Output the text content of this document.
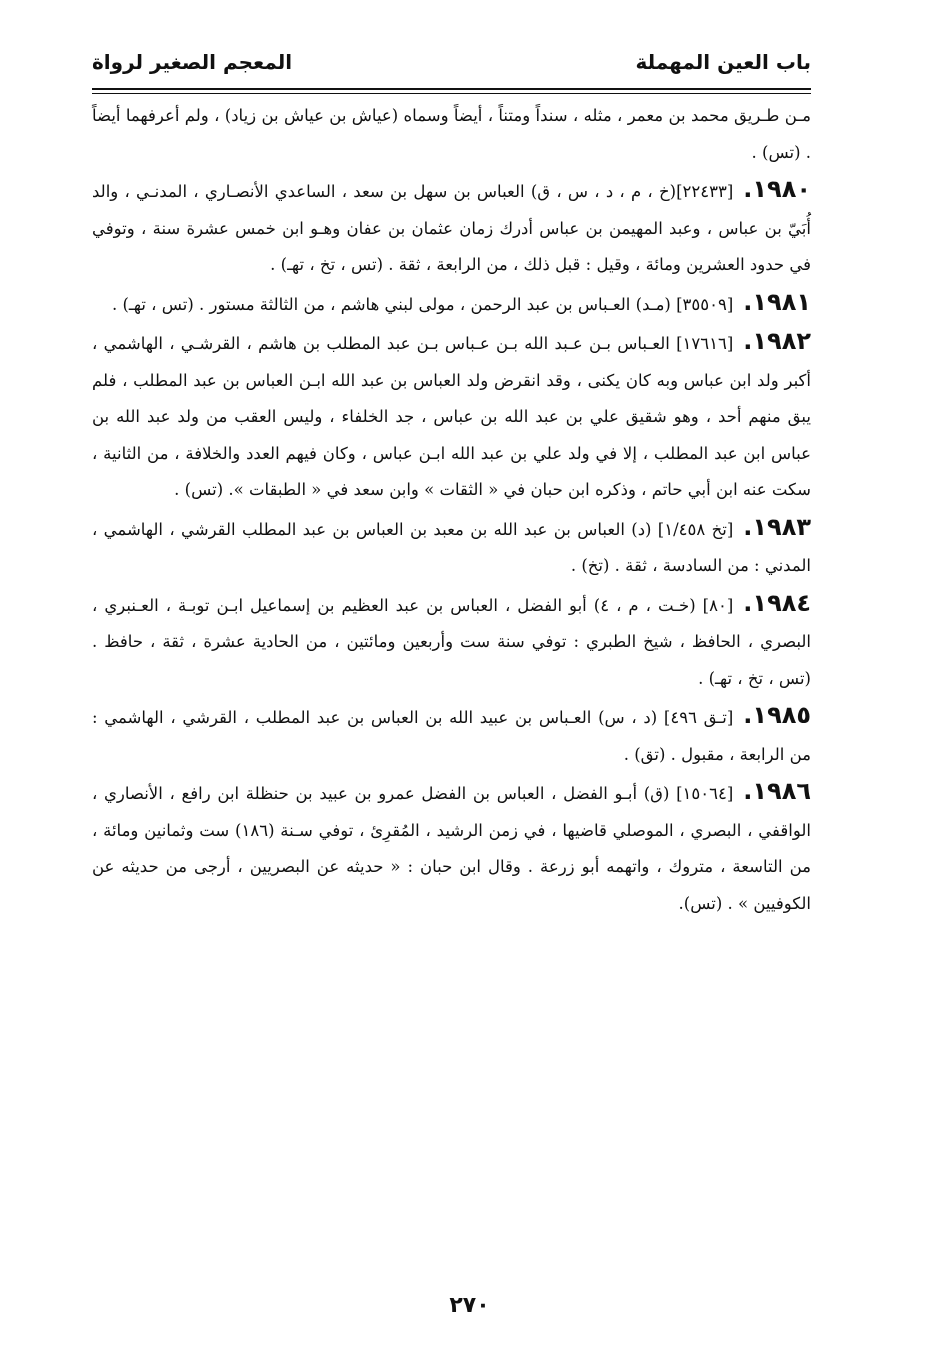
باب العين المهملة
المعجم الصغير لرواة

مـن طـريق محمد بن معمر ، مثله ، سنداً ومتناً ، أيضاً وسماه (عياش بن عياش بن زياد) ، ولم أعرفهما أيضاً . (تس) .

١٩٨٠.[٢٢٤٣٣](خ ، م ، د ، س ، ق) العباس بن سهل بن سعد ، الساعدي الأنصـاري ، المدنـي ، والد أُبَيّ بن عباس ، وعبد المهيمن بن عباس أدرك زمان عثمان بن عفان وهـو ابن خمس عشرة سنة ، وتوفي في حدود العشرين ومائة ، وقيل : قبل ذلك ، من الرابعة ، ثقة . (تس ، تخ ، تهـ) .

١٩٨١.[٣٥٥٠٩] (مـد) العـباس بن عبد الرحمن ، مولى لبني هاشم ، من الثالثة مستور . (تس ، تهـ) .

١٩٨٢.[١٧٦١٦] العـباس بـن عـبد الله بـن عـباس بـن عبد المطلب بن هاشم ، القرشـي ، الهاشمي ، أكبر ولد ابن عباس وبه كان يكنى ، وقد انقرض ولد العباس بن عبد الله ابـن العباس بن عبد المطلب ، فلم يبق منهم أحد ، وهو شقيق علي بن عبد الله بن عباس ، جد الخلفاء ، وليس العقب من ولد عبد الله بن عباس ابن عبد المطلب ، إلا في ولد علي بن عبد الله ابـن عباس ، وكان فيهم العدد والخلافة ، من الثانية ، سكت عنه ابن أبي حاتم ، وذكره ابن حبان في « الثقات » وابن سعد في « الطبقات ». (تس) .

١٩٨٣.[تخ ١/٤٥٨] (د) العباس بن عبد الله بن معبد بن العباس بن عبد المطلب القرشي ، الهاشمي ، المدني : من السادسة ، ثقة . (تخ) .

١٩٨٤.[٨٠] (خـت ، م ، ٤) أبو الفضل ، العباس بن عبد العظيم بن إسماعيل ابـن توبـة ، العـنبري ، البصري ، الحافظ ، شيخ الطبري : توفي سنة ست وأربعين ومائتين ، من الحادية عشرة ، ثقة ، حافظ . (تس ، تخ ، تهـ) .

١٩٨٥.[تـق ٤٩٦] (د ، س) العـباس بن عبيد الله بن العباس بن عبد المطلب ، القرشي ، الهاشمي : من الرابعة ، مقبول . (تق) .

١٩٨٦.[١٥٠٦٤] (ق) أبـو الفضل ، العباس بن الفضل عمرو بن عبيد بن حنظلة ابن رافع ، الأنصاري ، الواقفي ، البصري ، الموصلي قاضيها ، في زمن الرشيد ، المُقرِئ ، توفي سـنة (١٨٦) ست وثمانين ومائة ، من التاسعة ، متروك ، واتهمه أبو زرعة . وقال ابن حبان : « حديثه عن البصريين ، أرجى من حديثه عن الكوفيين » . (تس).

٢٧٠
